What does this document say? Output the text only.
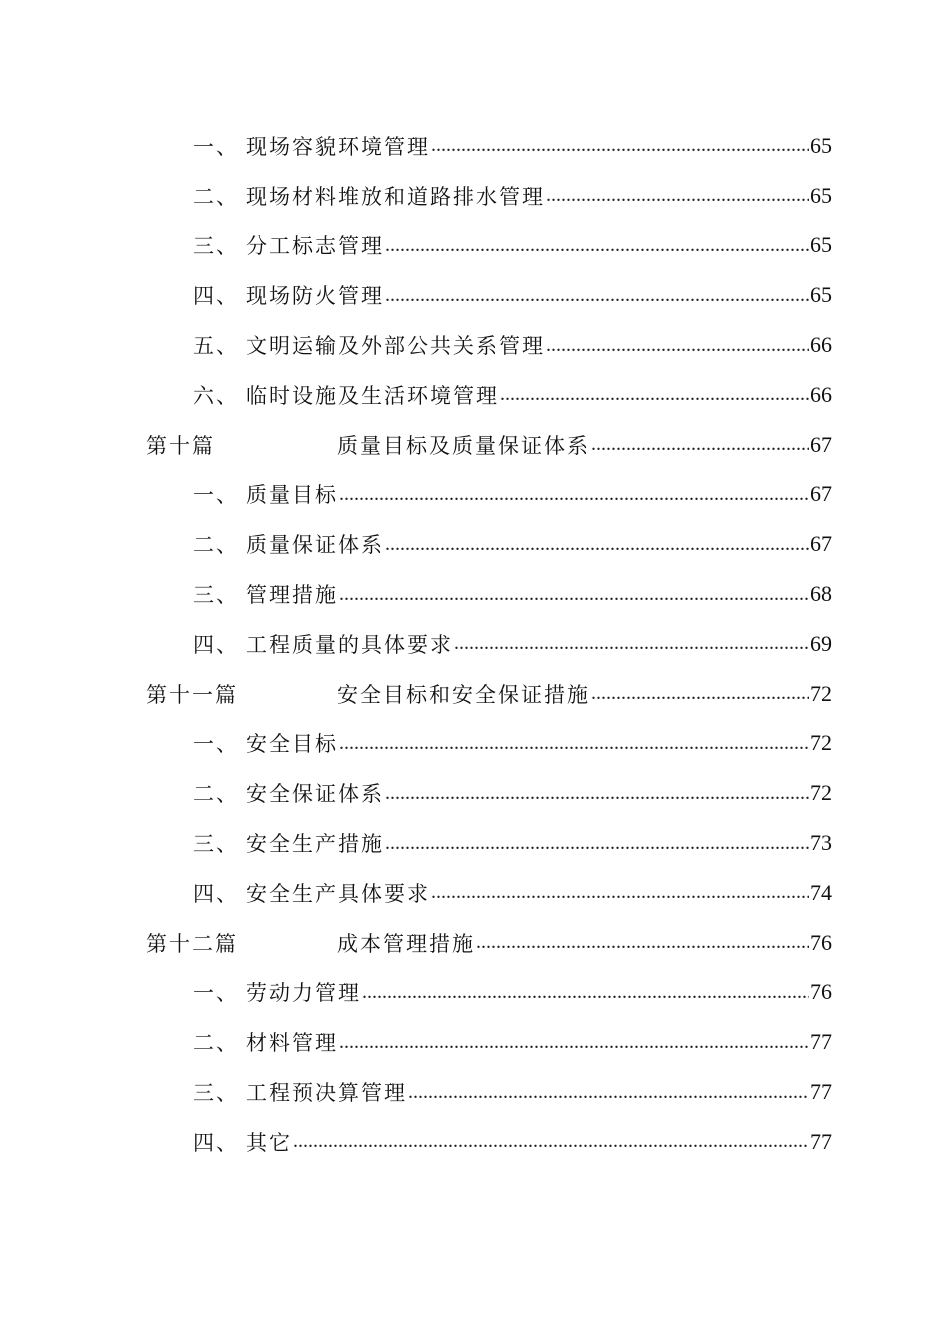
一、 现场容貌环境管理 .....	65
二、 现场材料堆放和道路排水管理 .....	65
三、 分工标志管理 .....	65
四、 现场防火管理 .....	65
五、 文明运输及外部公共关系管理 .....	66
六、 临时设施及生活环境管理 .....	66
第十篇	质量目标及质量保证体系 .....	67
一、 质量目标 .....	67
二、 质量保证体系 .....	67
三、 管理措施 .....	68
四、 工程质量的具体要求 .....	69
第十一篇	安全目标和安全保证措施 .....	72
一、 安全目标 .....	72
二、 安全保证体系 .....	72
三、 安全生产措施 .....	73
四、 安全生产具体要求 .....	74
第十二篇	成本管理措施 .....	76
一、 劳动力管理 .....	76
二、 材料管理 .....	77
三、 工程预决算管理 .....	77
四、 其它 .....	77
